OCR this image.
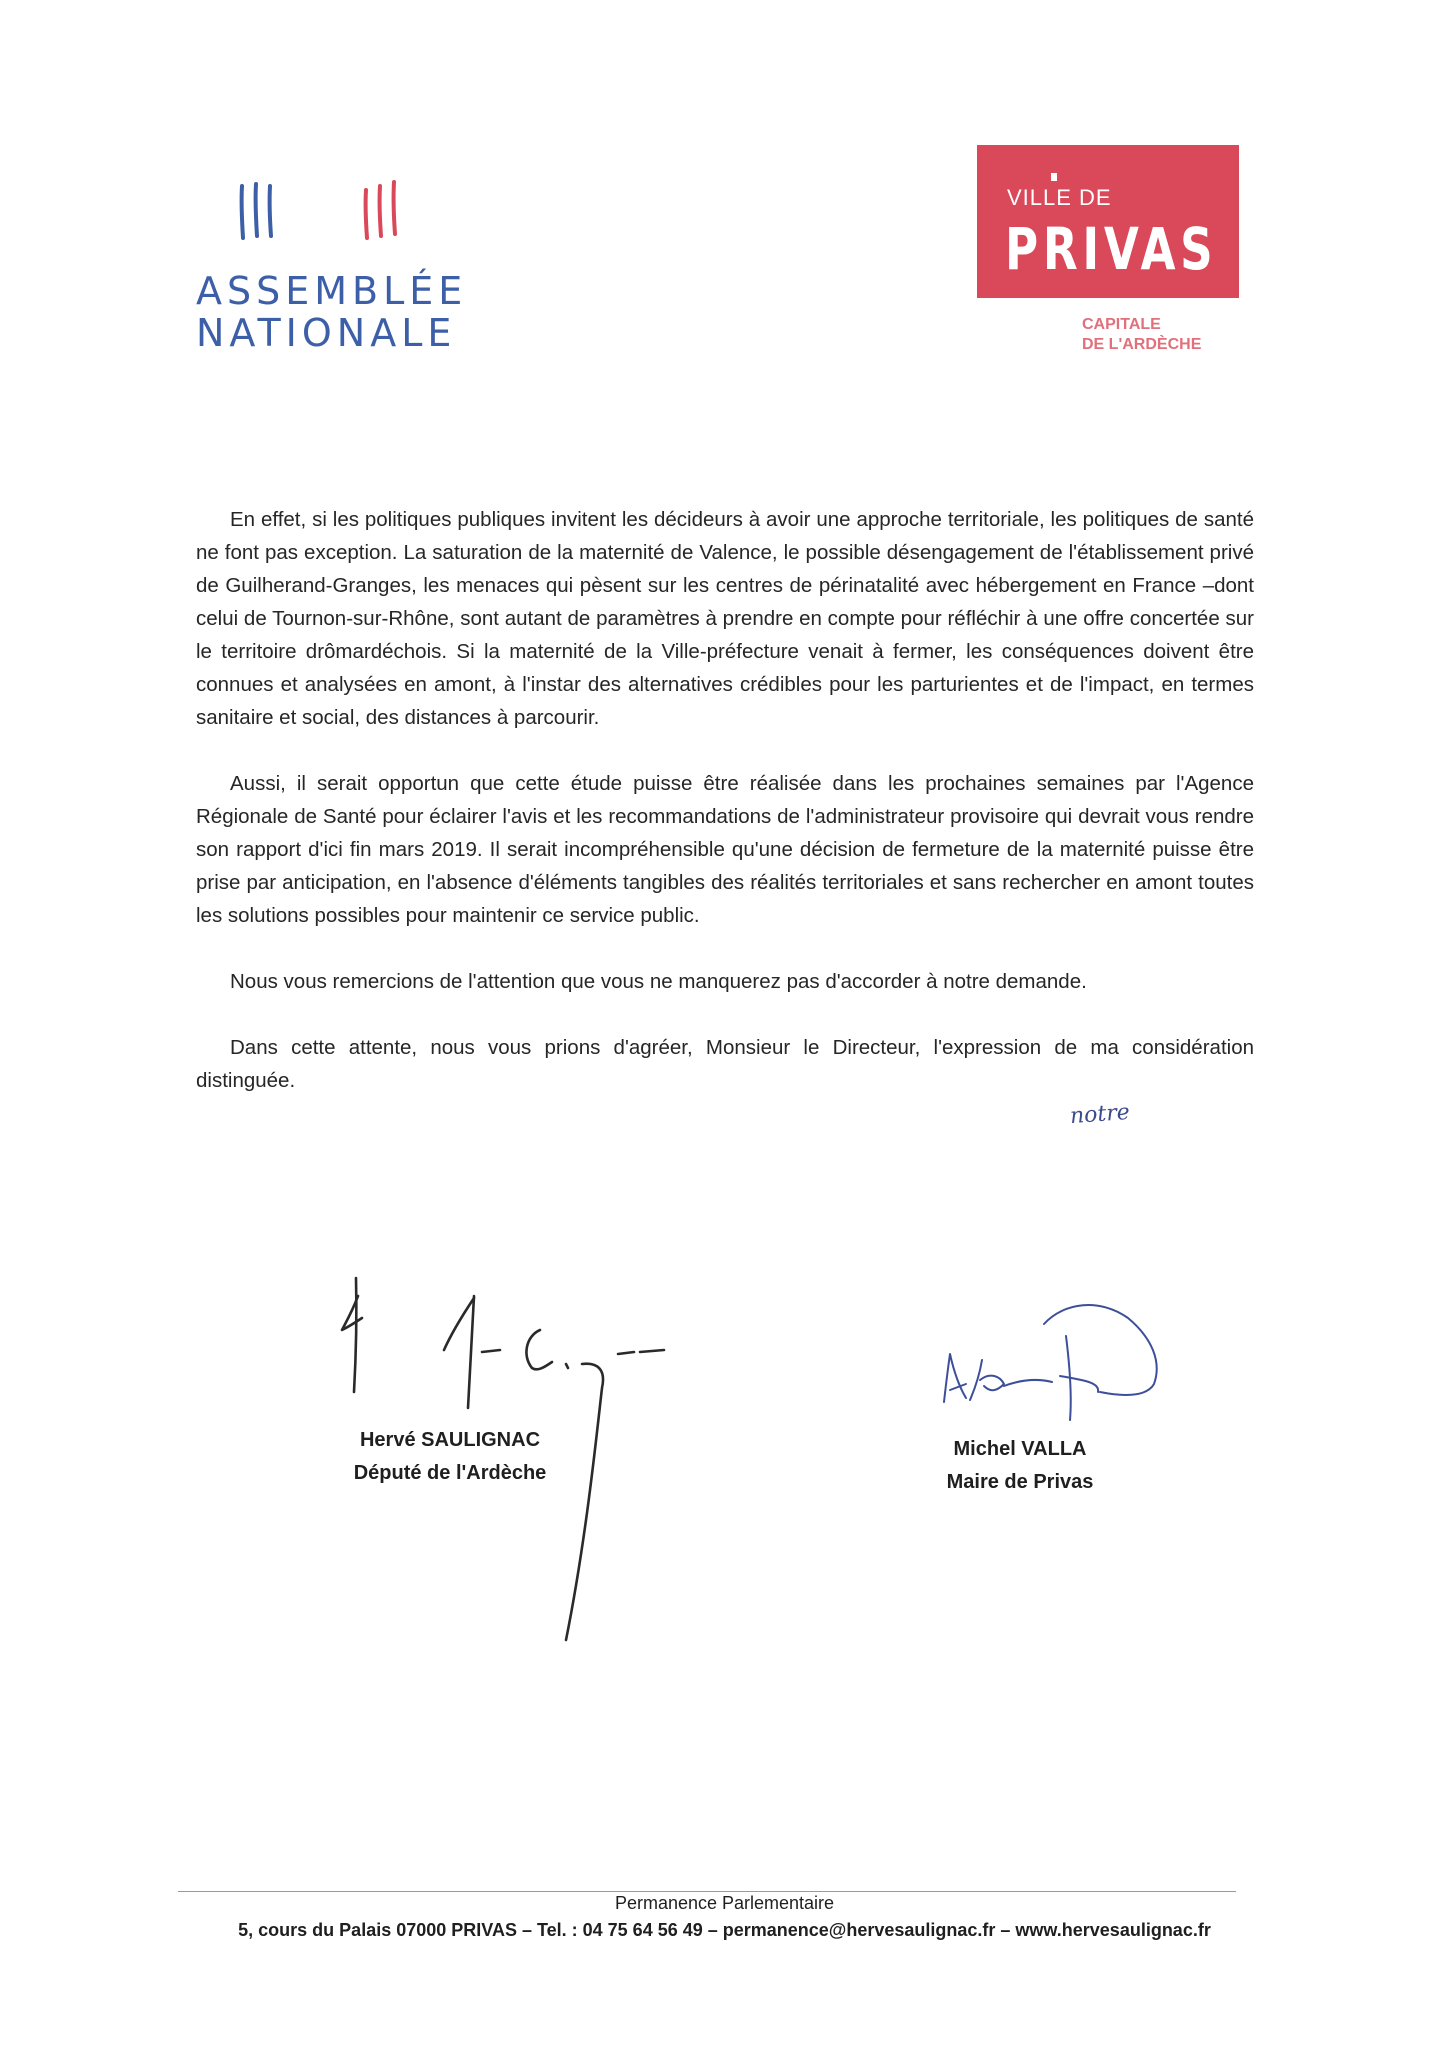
ASSEMBLÉE
NATIONALE
VILLE DE
PRIVAS
CAPITALE
DE L'ARDÈCHE

En effet, si les politiques publiques invitent les décideurs à avoir une approche territoriale, les politiques de santé ne font pas exception. La saturation de la maternité de Valence, le possible désengagement de l'établissement privé de Guilherand-Granges, les menaces qui pèsent sur les centres de périnatalité avec hébergement en France –dont celui de Tournon-sur-Rhône, sont autant de paramètres à prendre en compte pour réfléchir à une offre concertée sur le territoire drômardéchois. Si la maternité de la Ville-préfecture venait à fermer, les conséquences doivent être connues et analysées en amont, à l'instar des alternatives crédibles pour les parturientes et de l'impact, en termes sanitaire et social, des distances à parcourir.

Aussi, il serait opportun que cette étude puisse être réalisée dans les prochaines semaines par l'Agence Régionale de Santé pour éclairer l'avis et les recommandations de l'administrateur provisoire qui devrait vous rendre son rapport d'ici fin mars 2019. Il serait incompréhensible qu'une décision de fermeture de la maternité puisse être prise par anticipation, en l'absence d'éléments tangibles des réalités territoriales et sans rechercher en amont toutes les solutions possibles pour maintenir ce service public.

Nous vous remercions de l'attention que vous ne manquerez pas d'accorder à notre demande.

Dans cette attente, nous vous prions d'agréer, Monsieur le Directeur, l'expression de ma considération distinguée.

notre
Hervé SAULIGNAC
Député de l'Ardèche
Michel VALLA
Maire de Privas
Permanence Parlementaire
5, cours du Palais 07000 PRIVAS – Tel. : 04 75 64 56 49 – permanence@hervesaulignac.fr – www.hervesaulignac.fr
